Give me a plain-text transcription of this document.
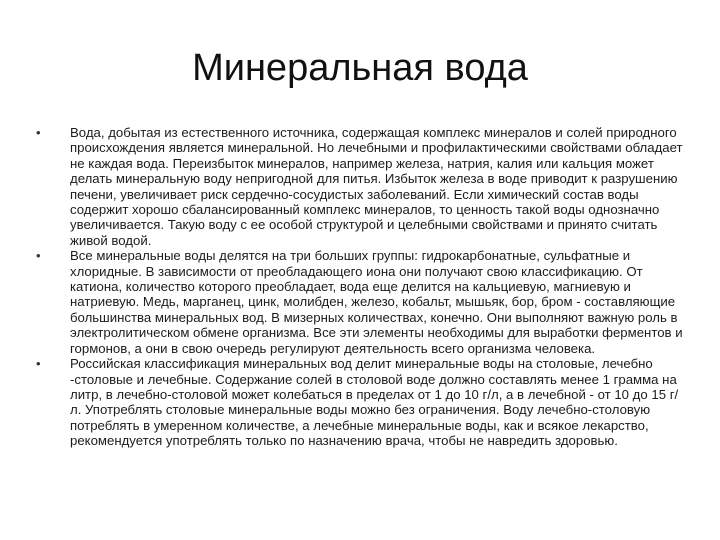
Минеральная вода
• Вода, добытая из естественного источника, содержащая комплекс минералов и солей природного происхождения является минеральной. Но лечебными и профилактическими свойствами обладает не каждая вода. Переизбыток минералов, например железа, натрия, калия или кальция может делать минеральную воду непригодной для питья. Избыток железа в воде приводит к разрушению печени, увеличивает риск сердечно-сосудистых заболеваний. Если химический состав воды содержит хорошо сбалансированный комплекс минералов, то ценность такой воды однозначно увеличивается. Такую воду с ее особой структурой и целебными свойствами и принято считать живой водой.
• Все минеральные воды делятся на три больших группы: гидрокарбонатные, сульфатные и хлоридные. В зависимости от преобладающего иона они получают свою классификацию. От катиона, количество которого преобладает, вода еще делится на кальциевую, магниевую и натриевую. Медь, марганец, цинк, молибден, железо, кобальт, мышьяк, бор, бром - составляющие большинства минеральных вод. В мизерных количествах, конечно. Они выполняют важную роль в электролитическом обмене организма. Все эти элементы необходимы для выработки ферментов и гормонов, а они в свою очередь регулируют деятельность всего организма человека.
• Российская классификация минеральных вод делит минеральные воды на столовые, лечебно -столовые и лечебные. Содержание солей в столовой воде должно составлять менее 1 грамма на литр, в лечебно-столовой может колебаться в пределах от 1 до 10 г/л, а в лечебной - от 10 до 15 г/л. Употреблять столовые минеральные воды можно без ограничения. Воду лечебно-столовую потреблять в умеренном количестве, а лечебные минеральные воды, как и всякое лекарство, рекомендуется употреблять только по назначению врача, чтобы не навредить здоровью.
